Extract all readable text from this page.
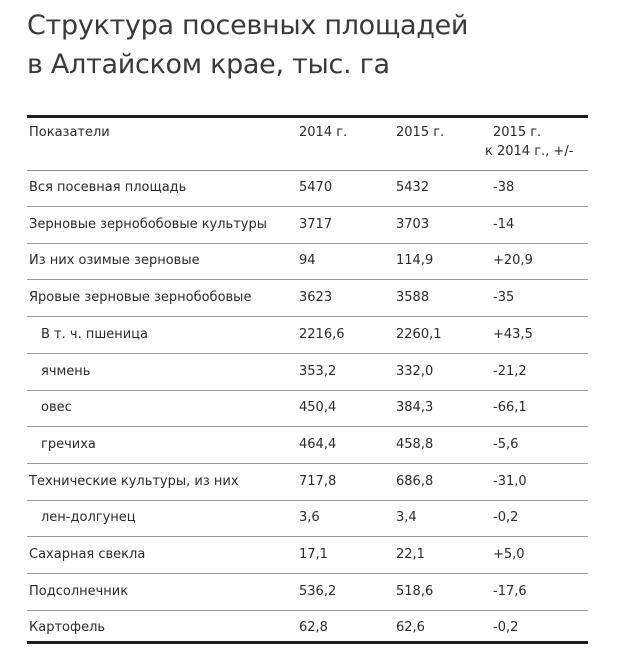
Структура посевных площадей
в Алтайском крае, тыс. га
Показатели	2014 г.	2015 г.	2015 г.
к 2014 г., +/-
Вся посевная площадь	5470	5432	-38
Зерновые зернобобовые культуры 3717	3703	-14
Из них озимые зерновые	94	114,9	+20,9
Яровые зерновые зернобобовые	3623	3588	-35
В т. ч. пшеница	2216,6	2260,1	+43,5
ячмень	353,2	332,0	-21,2
овес	450,4	384,3	-66,1
гречиха	464,4	458,8	-5,6
Технические культуры, из них	717,8	686,8	-31,0
лен-долгунец	3,6	3,4	-0,2
Сахарная свекла	17,1	22,1	+5,0
Подсолнечник	536,2	518,6	-17,6
Картофель	62,8	62,6	-0,2
